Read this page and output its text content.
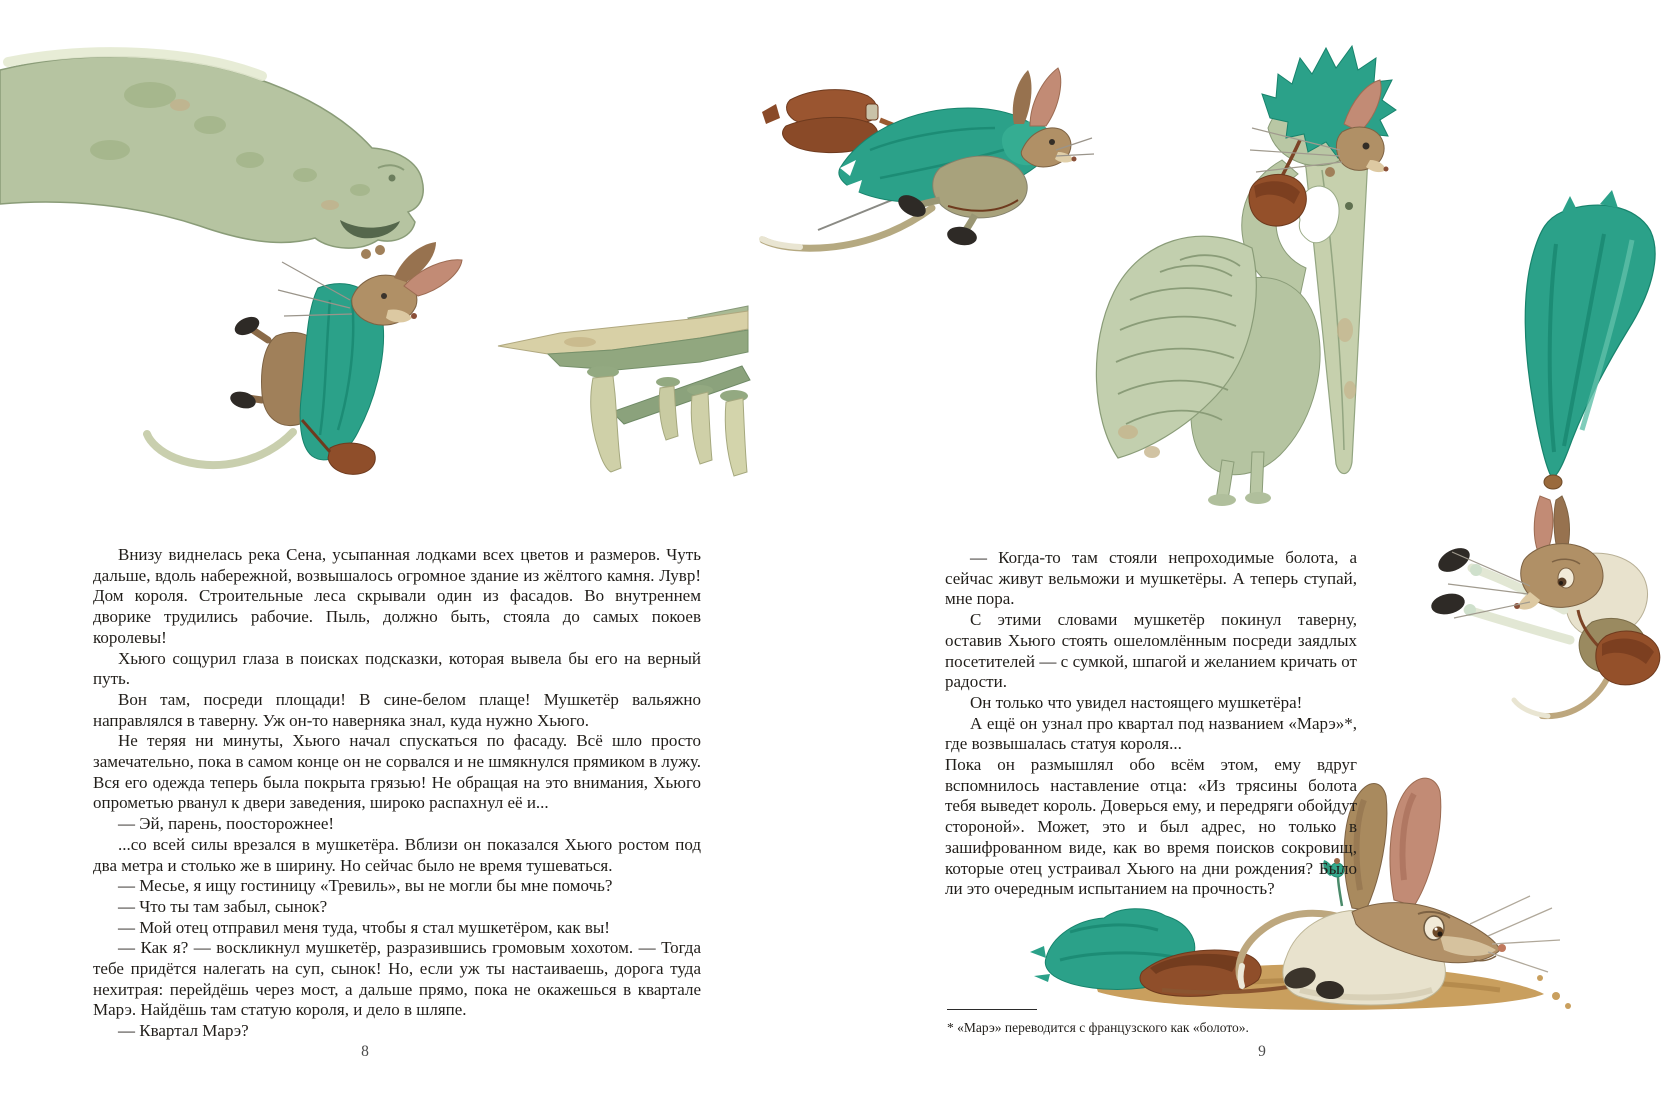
Внизу виднелась река Сена, усыпанная лодками всех цветов и размеров. Чуть дальше, вдоль набережной, возвышалось огромное здание из жёлтого камня. Лувр! Дом короля. Строительные леса скрывали один из фасадов. Во внутреннем дворике трудились рабочие. Пыль, должно быть, стояла до самых покоев королевы!

Хьюго сощурил глаза в поисках подсказки, которая вывела бы его на верный путь.

Вон там, посреди площади! В сине-белом плаще! Мушкетёр вальяжно направлялся в таверну. Уж он-то наверняка знал, куда нужно Хьюго.

Не теряя ни минуты, Хьюго начал спускаться по фасаду. Всё шло просто замечательно, пока в самом конце он не сорвался и не шмякнулся прямиком в лужу. Вся его одежда теперь была покрыта грязью! Не обращая на это внимания, Хьюго опрометью рванул к двери заведения, широко распахнул её и...

— Эй, парень, поосторожнее!

...со всей силы врезался в мушкетёра. Вблизи он показался Хьюго ростом под два метра и столько же в ширину. Но сейчас было не время тушеваться.

— Месье, я ищу гостиницу «Тревиль», вы не могли бы мне помочь?

— Что ты там забыл, сынок?

— Мой отец отправил меня туда, чтобы я стал мушкетёром, как вы!

— Как я? — воскликнул мушкетёр, разразившись громовым хохотом. — Тогда тебе придётся налегать на суп, сынок! Но, если уж ты настаиваешь, дорога туда нехитрая: перейдёшь через мост, а дальше прямо, пока не окажешься в квартале Марэ. Найдёшь там статую короля, и дело в шляпе.

— Квартал Марэ?

— Когда-то там стояли непроходимые болота, а сейчас живут вельможи и мушкетёры. А теперь ступай, мне пора.

С этими словами мушкетёр покинул таверну, оставив Хьюго стоять ошеломлённым посреди заядлых посетителей — с сумкой, шпагой и желанием кричать от радости.

Он только что увидел настоящего мушкетёра!

А ещё он узнал про квартал под названием «Марэ»*, где возвышалась статуя короля...

Пока он размышлял обо всём этом, ему вдруг вспомнилось наставление отца: «Из трясины болота тебя выведет король. Доверься ему, и передряги обойдут стороной». Может, это и был адрес, но только в зашифрованном виде, как во время поисков сокровищ, которые отец устраивал Хьюго на дни рождения? Было ли это очередным испытанием на прочность?

* «Марэ» переводится с французского как «болото».
8	9
